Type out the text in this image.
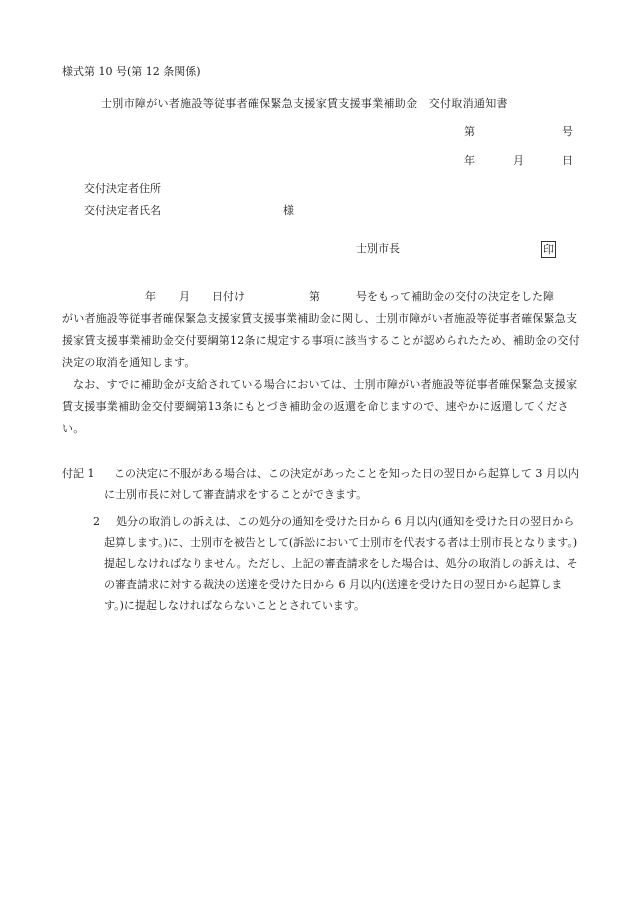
様式第 10 号(第 12 条関係)
士別市障がい者施設等従事者確保緊急支援家賃支援事業補助金　交付取消通知書
第	号
年	月	日
交付決定者住所
交付決定者氏名	様
士別市長	印
年 月 日付け	第	号をもって補助金の交付の決定をした障
がい者施設等従事者確保緊急支援家賃支援事業補助金に関し、士別市障がい者施設等従事者確保緊急支援家賃支援事業補助金交付要綱第12条に規定する事項に該当することが認められたため、補助金の交付決定の取消を通知します。
なお、すでに補助金が支給されている場合においては、士別市障がい者施設等従事者確保緊急支援家賃支援事業補助金交付要綱第13条にもとづき補助金の返還を命じますので、速やかに返還してください。
付記 1	この決定に不服がある場合は、この決定があったことを知った日の翌日から起算して 3 月以内に士別市長に対して審査請求をすることができます。
2	処分の取消しの訴えは、この処分の通知を受けた日から 6 月以内(通知を受けた日の翌日から起算します。)に、士別市を被告として(訴訟において士別市を代表する者は士別市長となります。)提起しなければなりません。ただし、上記の審査請求をした場合は、処分の取消しの訴えは、その審査請求に対する裁決の送達を受けた日から 6 月以内(送達を受けた日の翌日から起算します。)に提起しなければならないこととされています。
